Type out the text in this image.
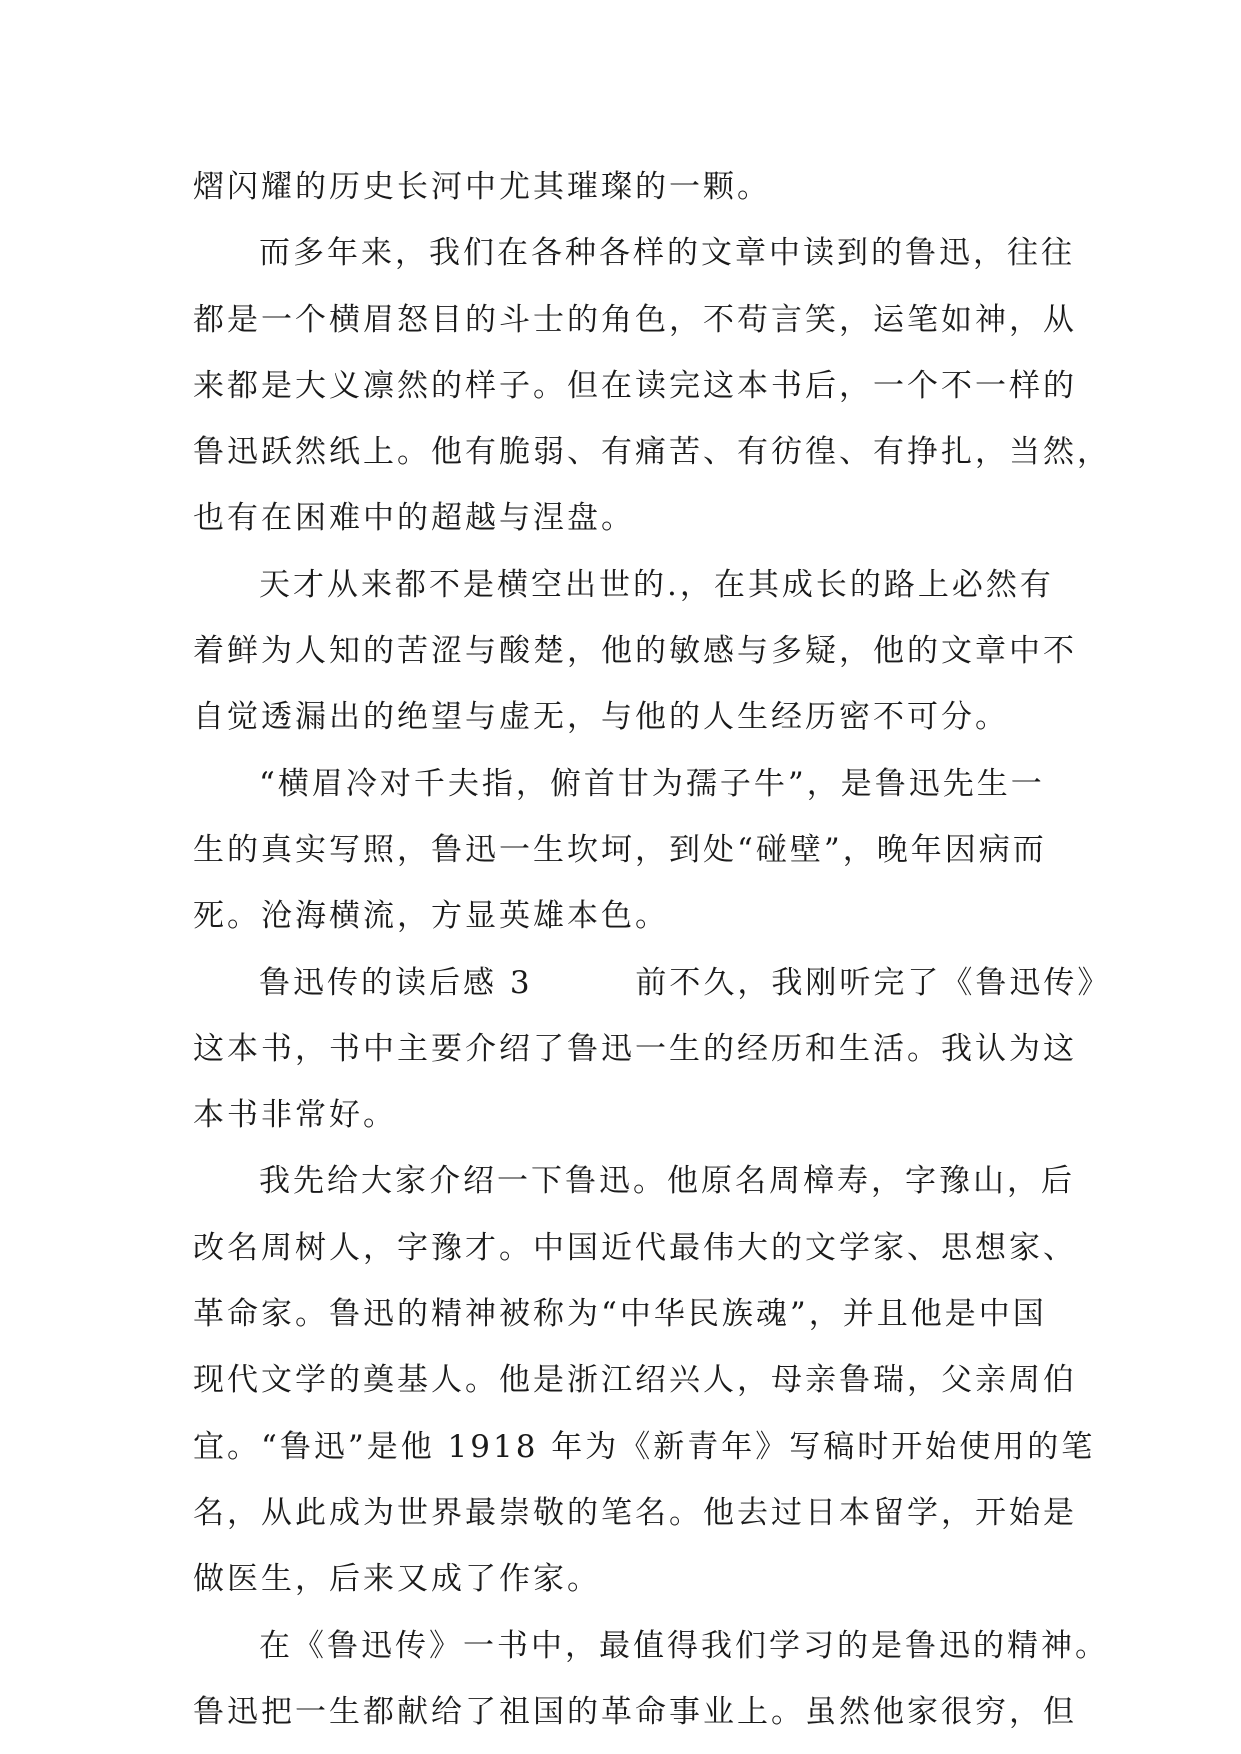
熠闪耀的历史长河中尤其璀璨的一颗。
而多年来，我们在各种各样的文章中读到的鲁迅，往往
都是一个横眉怒目的斗士的角色，不苟言笑，运笔如神，从
来都是大义凛然的样子。但在读完这本书后，一个不一样的
鲁迅跃然纸上。他有脆弱、有痛苦、有彷徨、有挣扎，当然，
也有在困难中的超越与涅盘。
天才从来都不是横空出世的.，在其成长的路上必然有
着鲜为人知的苦涩与酸楚，他的敏感与多疑，他的文章中不
自觉透漏出的绝望与虚无，与他的人生经历密不可分。
“横眉冷对千夫指，俯首甘为孺子牛”，是鲁迅先生一
生的真实写照，鲁迅一生坎坷，到处“碰壁”，晚年因病而
死。沧海横流，方显英雄本色。
鲁迅传的读后感 3        前不久，我刚听完了《鲁迅传》
这本书，书中主要介绍了鲁迅一生的经历和生活。我认为这
本书非常好。
我先给大家介绍一下鲁迅。他原名周樟寿，字豫山，后
改名周树人，字豫才。中国近代最伟大的文学家、思想家、
革命家。鲁迅的精神被称为“中华民族魂”，并且他是中国
现代文学的奠基人。他是浙江绍兴人，母亲鲁瑞，父亲周伯
宜。“鲁迅”是他 1918 年为《新青年》写稿时开始使用的笔
名，从此成为世界最崇敬的笔名。他去过日本留学，开始是
做医生，后来又成了作家。
在《鲁迅传》一书中，最值得我们学习的是鲁迅的精神。
鲁迅把一生都献给了祖国的革命事业上。虽然他家很穷，但
